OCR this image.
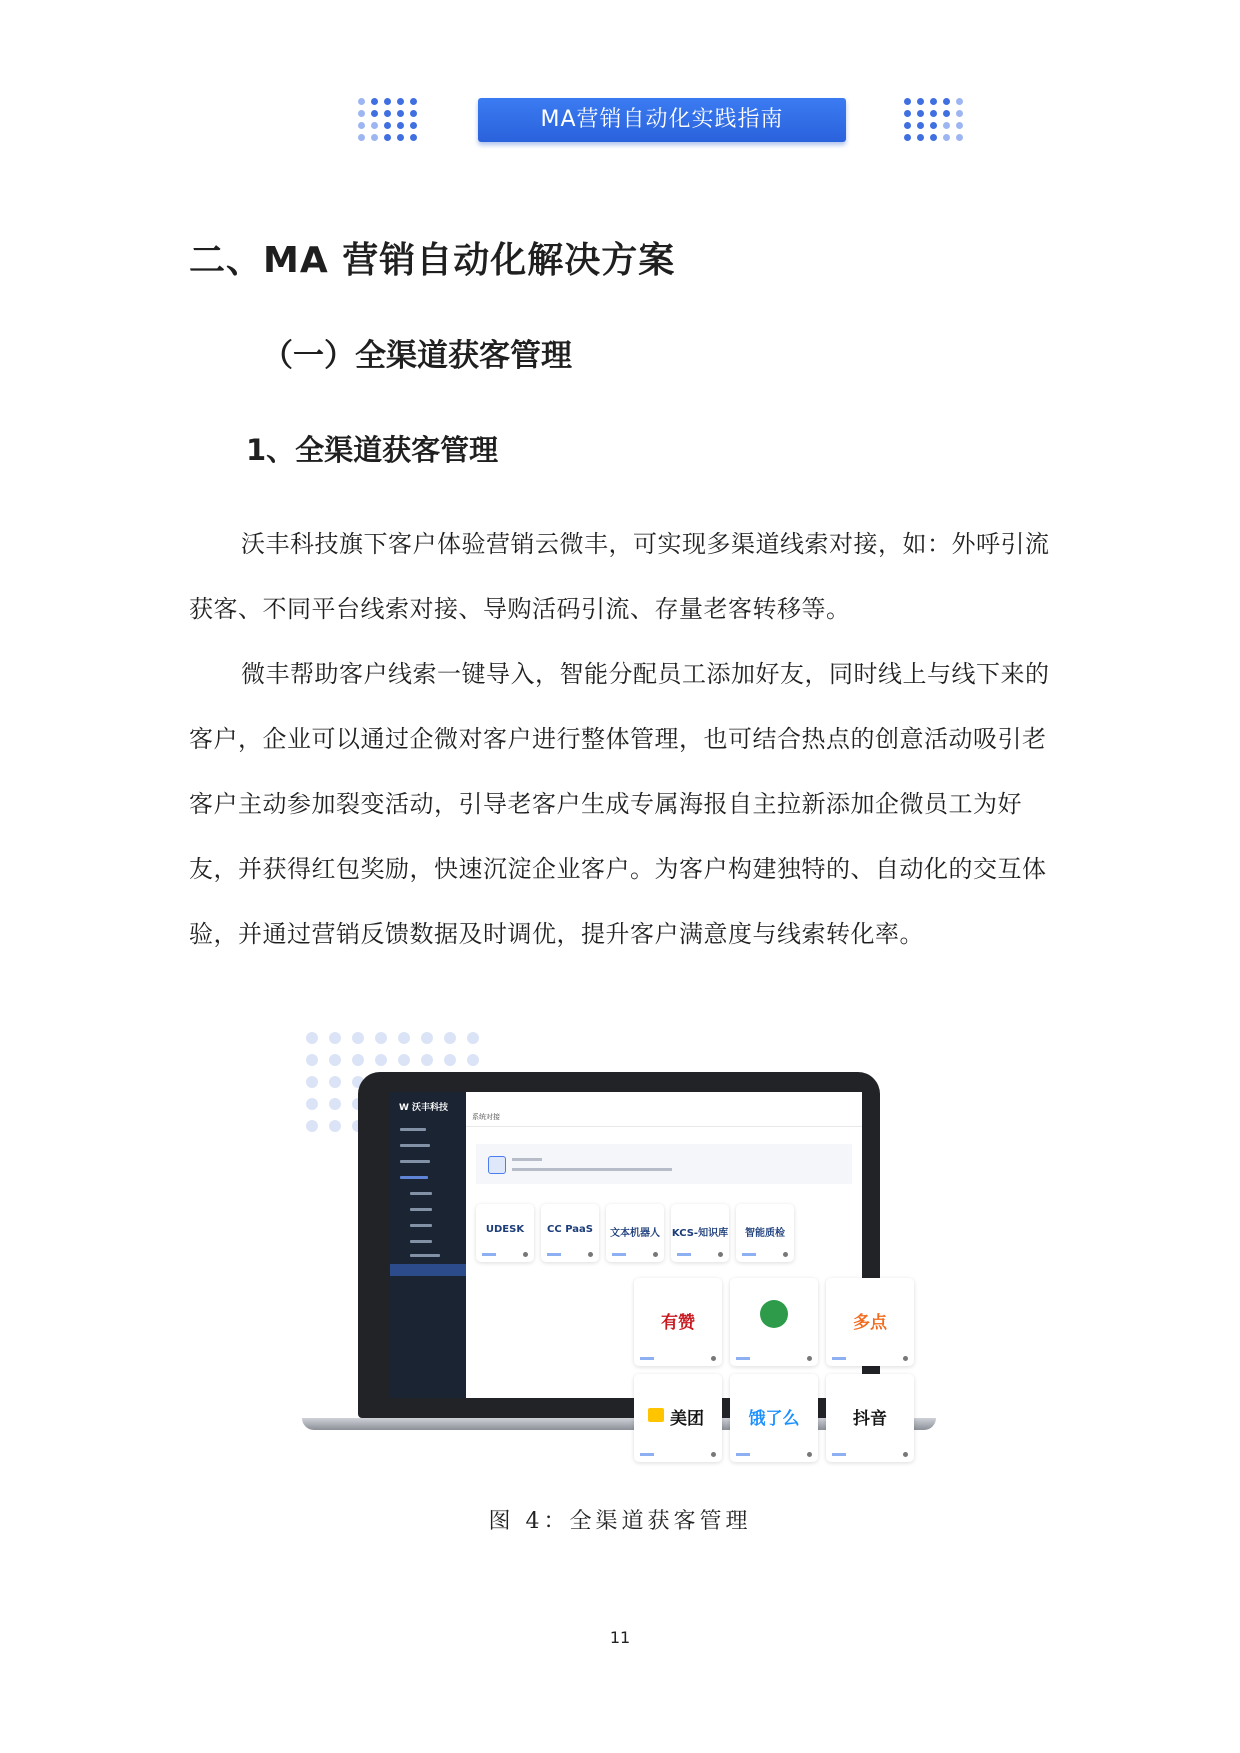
MA营销自动化实践指南
二、MA 营销自动化解决方案
（一）全渠道获客管理
1、全渠道获客管理

沃丰科技旗下客户体验营销云微丰，可实现多渠道线索对接，如：外呼引流获客、不同平台线索对接、导购活码引流、存量老客转移等。

微丰帮助客户线索一键导入，智能分配员工添加好友，同时线上与线下来的客户，企业可以通过企微对客户进行整体管理，也可结合热点的创意活动吸引老客户主动参加裂变活动，引导老客户生成专属海报自主拉新添加企微员工为好友，并获得红包奖励，快速沉淀企业客户。为客户构建独特的、自动化的交互体验，并通过营销反馈数据及时调优，提升客户满意度与线索转化率。

W 沃丰科技
系统对接
UDESK	CC PaaS	文本机器人	KCS-知识库	智能质检
有赞	多点
美团	饿了么	抖音
图 4：全渠道获客管理
11
